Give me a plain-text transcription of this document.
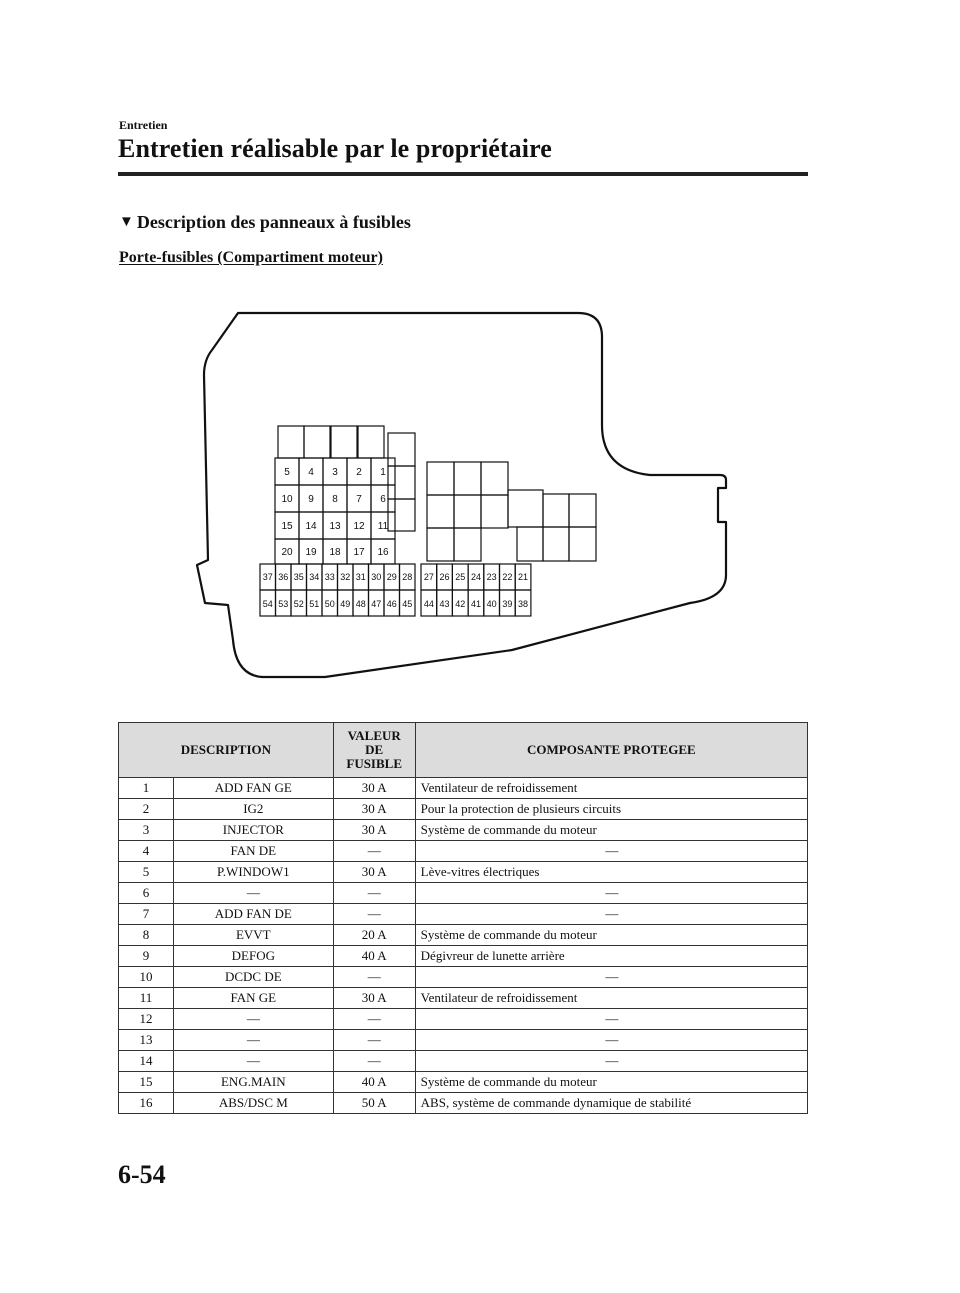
Entretien
Entretien réalisable par le propriétaire
▼ Description des panneaux à fusibles
Porte-fusibles (Compartiment moteur)
5 4 3 2 1
10 9 8 7 6
15 14 13 12 11
20 19 18 17 16
37
54
36
53
35
52
34
51
33
50
32
49
31
48
30
47
29
46
28
45
27
44
26
43
25
42
24
41
23
40
22
39
21
38
DESCRIPTION		VALEUR DE FUSIBLE	COMPOSANTE PROTEGEE
1	ADD FAN GE	30 A	Ventilateur de refroidissement
2	IG2	30 A	Pour la protection de plusieurs circuits
3	INJECTOR	30 A	Système de commande du moteur
4	FAN DE	—	—
5	P.WINDOW1	30 A	Lève-vitres électriques
6	—	—	—
7	ADD FAN DE	—	—
8	EVVT	20 A	Système de commande du moteur
9	DEFOG	40 A	Dégivreur de lunette arrière
10	DCDC DE	—	—
11	FAN GE	30 A	Ventilateur de refroidissement
12	—	—	—
13	—	—	—
14	—	—	—
15	ENG.MAIN	40 A	Système de commande du moteur
16	ABS/DSC M	50 A	ABS, système de commande dynamique de stabilité
6-54
